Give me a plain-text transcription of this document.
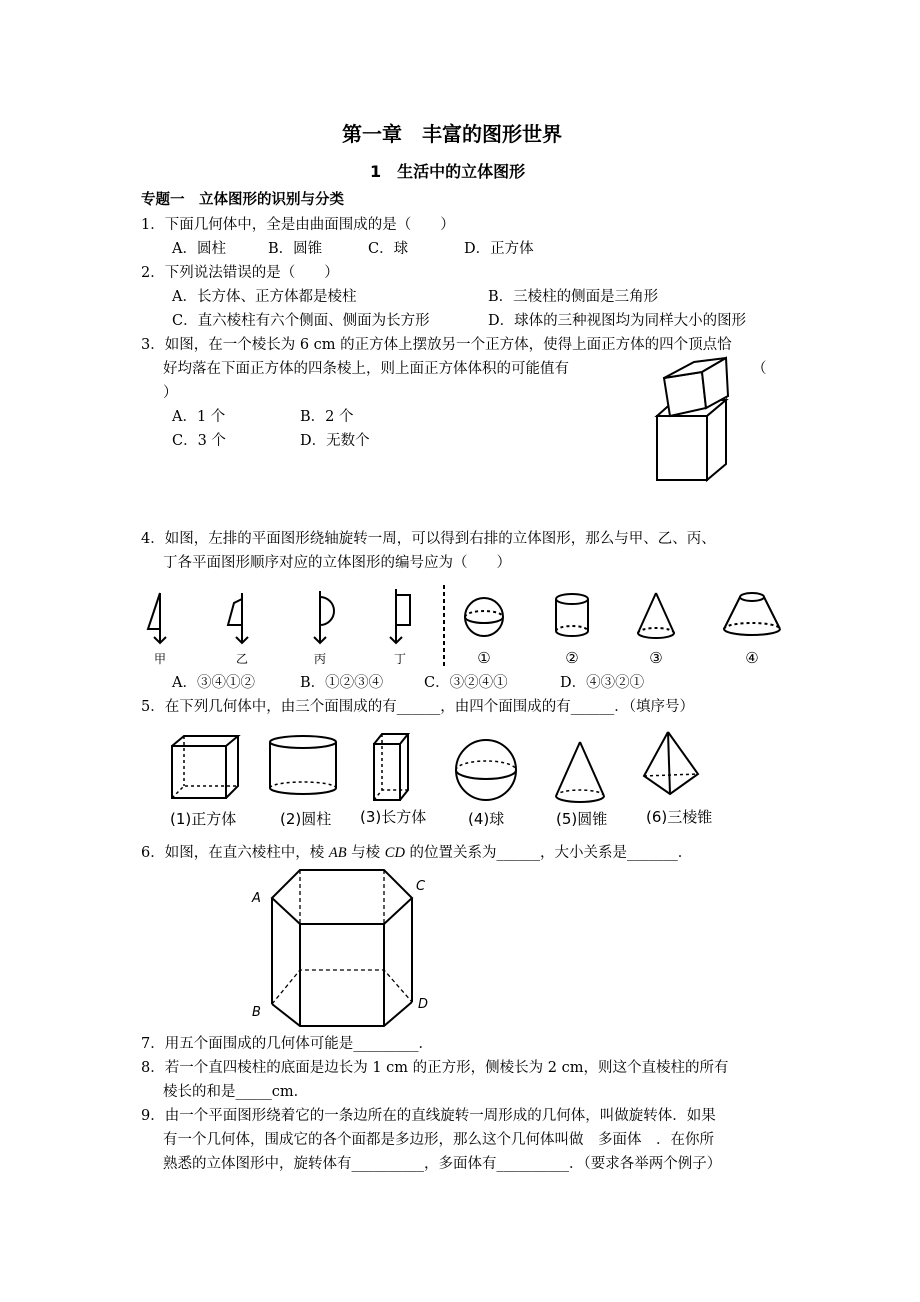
第一章　丰富的图形世界
1　生活中的立体图形
专题一　立体图形的识别与分类
1．下面几何体中，全是由曲面围成的是（　　）
A．圆柱	B．圆锥	C．球	D．正方体
2．下列说法错误的是（　　）
A．长方体、正方体都是棱柱	B．三棱柱的侧面是三角形
C．直六棱柱有六个侧面、侧面为长方形	D．球体的三种视图均为同样大小的图形
3．如图，在一个棱长为 6 cm 的正方体上摆放另一个正方体，使得上面正方体的四个顶点恰
好均落在下面正方体的四条棱上，则上面正方体体积的可能值有	（
）
A．1 个	B．2 个
C．3 个	D．无数个
4．如图，左排的平面图形绕轴旋转一周，可以得到右排的立体图形，那么与甲、乙、丙、
丁各平面图形顺序对应的立体图形的编号应为（　　）
甲	乙	丙	丁	①	②	③	④
A．③④①②	B．①②③④	C．③②④①	D．④③②①
5．在下列几何体中，由三个面围成的有______，由四个面围成的有______．（填序号）
(1)正方体	(2)圆柱 (3)长方体	(4)球	(5)圆锥	(6)三棱锥
6．如图，在直六棱柱中，棱 AB 与棱 CD 的位置关系为______，大小关系是_______．
A
B
C
D
7．用五个面围成的几何体可能是_________．
8．若一个直四棱柱的底面是边长为 1 cm 的正方形，侧棱长为 2 cm，则这个直棱柱的所有
棱长的和是_____cm．
9．由一个平面图形绕着它的一条边所在的直线旋转一周形成的几何体，叫做旋转体．如果
有一个几何体，围成它的各个面都是多边形，那么这个几何体叫做　多面体　．在你所
熟悉的立体图形中，旋转体有__________，多面体有__________．（要求各举两个例子）
